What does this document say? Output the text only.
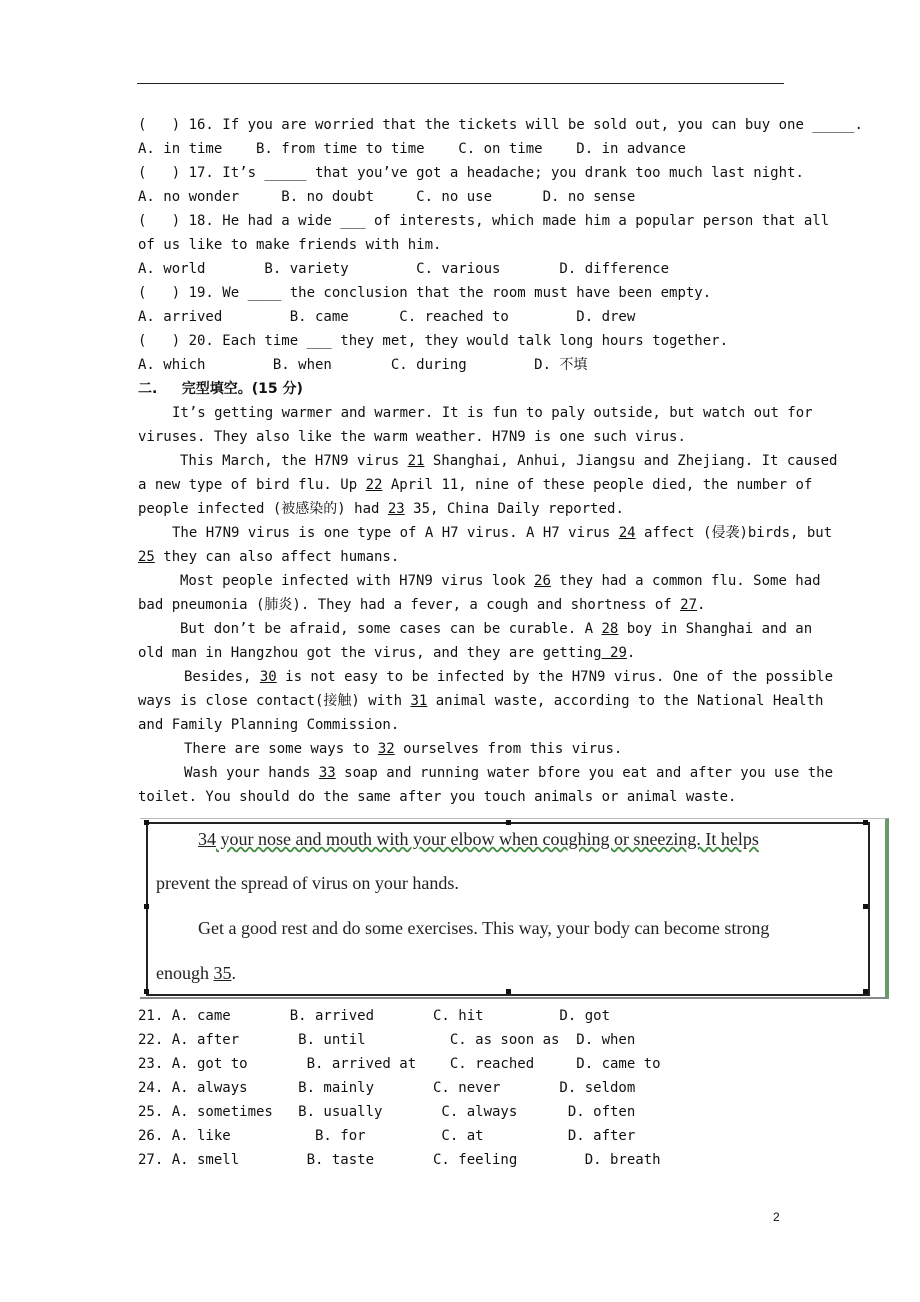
(   ) 16. If you are worried that the tickets will be sold out, you can buy one _____.
A. in time    B. from time to time    C. on time    D. in advance
(   ) 17. It’s _____ that you’ve got a headache; you drank too much last night.
A. no wonder     B. no doubt     C. no use      D. no sense
(   ) 18. He had a wide ___ of interests, which made him a popular person that all
of us like to make friends with him.
A. world       B. variety        C. various       D. difference
(   ) 19. We ____ the conclusion that the room must have been empty.
A. arrived        B. came      C. reached to        D. drew
(   ) 20. Each time ___ they met, they would talk long hours together.
A. which        B. when       C. during        D. 不填
二.     完型填空。(15 分)
It’s getting warmer and warmer. It is fun to paly outside, but watch out for
viruses. They also like the warm weather. H7N9 is one such virus.
This March, the H7N9 virus 21 Shanghai, Anhui, Jiangsu and Zhejiang. It caused
a new type of bird flu. Up 22 April 11, nine of these people died, the number of
people infected (被感染的) had 23 35, China Daily reported.
The H7N9 virus is one type of A H7 virus. A H7 virus 24 affect (侵袭)birds, but
25 they can also affect humans.
Most people infected with H7N9 virus look 26 they had a common flu. Some had
bad pneumonia (肺炎). They had a fever, a cough and shortness of 27.
But don’t be afraid, some cases can be curable. A 28 boy in Shanghai and an
old man in Hangzhou got the virus, and they are getting 29.
Besides, 30 is not easy to be infected by the H7N9 virus. One of the possible
ways is close contact(接触) with 31 animal waste, according to the National Health
and Family Planning Commission.
There are some ways to 32 ourselves from this virus.
Wash your hands 33 soap and running water bfore you eat and after you use the
toilet. You should do the same after you touch animals or animal waste.
34 your nose and mouth with your elbow when coughing or sneezing. It helps
prevent the spread of virus on your hands.
Get a good rest and do some exercises. This way, your body can become strong
enough 35.
21. A. came       B. arrived       C. hit         D. got
22. A. after       B. until          C. as soon as  D. when
23. A. got to       B. arrived at    C. reached     D. came to
24. A. always      B. mainly       C. never       D. seldom
25. A. sometimes   B. usually       C. always      D. often
26. A. like          B. for         C. at          D. after
27. A. smell        B. taste       C. feeling        D. breath
2
